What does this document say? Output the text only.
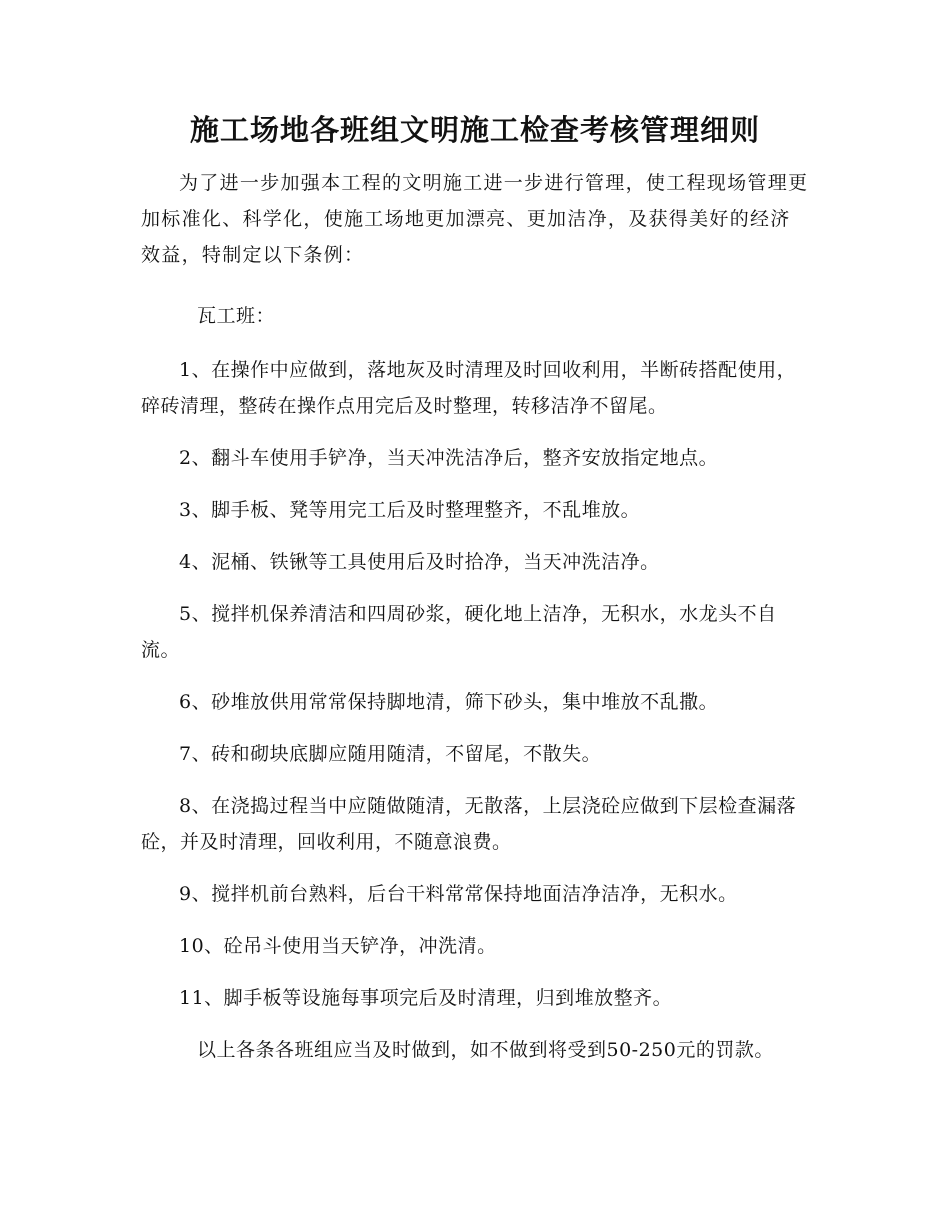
施工场地各班组文明施工检查考核管理细则

为了进一步加强本工程的文明施工进一步进行管理，使工程现场管理更加标准化、科学化，使施工场地更加漂亮、更加洁净，及获得美好的经济效益，特制定以下条例：

瓦工班：

1、在操作中应做到，落地灰及时清理及时回收利用，半断砖搭配使用，碎砖清理，整砖在操作点用完后及时整理，转移洁净不留尾。

2、翻斗车使用手铲净，当天冲洗洁净后，整齐安放指定地点。

3、脚手板、凳等用完工后及时整理整齐，不乱堆放。

4、泥桶、铁锹等工具使用后及时拾净，当天冲洗洁净。

5、搅拌机保养清洁和四周砂浆，硬化地上洁净，无积水，水龙头不自流。

6、砂堆放供用常常保持脚地清，筛下砂头，集中堆放不乱撒。

7、砖和砌块底脚应随用随清，不留尾，不散失。

8、在浇捣过程当中应随做随清，无散落，上层浇砼应做到下层检查漏落砼，并及时清理，回收利用，不随意浪费。

9、搅拌机前台熟料，后台干料常常保持地面洁净洁净，无积水。

10、砼吊斗使用当天铲净，冲洗清。

11、脚手板等设施每事项完后及时清理，归到堆放整齐。

以上各条各班组应当及时做到，如不做到将受到50-250元的罚款。
